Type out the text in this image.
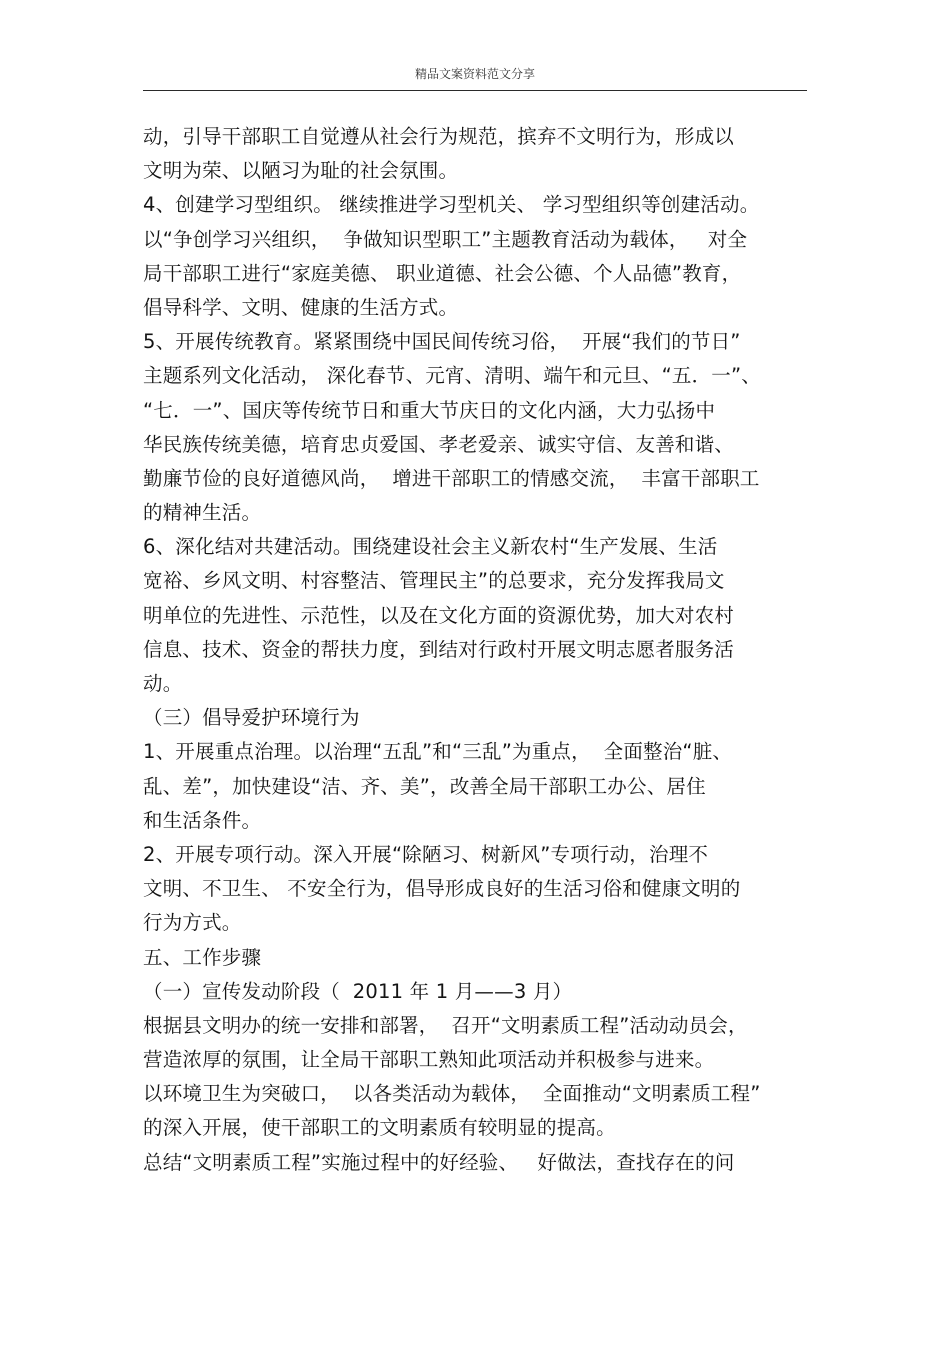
精品文案资料范文分享
动，引导干部职工自觉遵从社会行为规范，摈弃不文明行为，形成以
文明为荣、以陋习为耻的社会氛围。
4、创建学习型组织。 继续推进学习型机关、 学习型组织等创建活动。
以“争创学习兴组织，  争做知识型职工”主题教育活动为载体，   对全
局干部职工进行“家庭美德、 职业道德、社会公德、个人品德”教育，
倡导科学、文明、健康的生活方式。
5、开展传统教育。紧紧围绕中国民间传统习俗，  开展“我们的节日”
主题系列文化活动， 深化春节、元宵、清明、端午和元旦、“五．一”、
“七．一”、国庆等传统节日和重大节庆日的文化内涵，大力弘扬中
华民族传统美德，培育忠贞爱国、孝老爱亲、诚实守信、友善和谐、
勤廉节俭的良好道德风尚，  增进干部职工的情感交流，  丰富干部职工
的精神生活。
6、深化结对共建活动。围绕建设社会主义新农村“生产发展、生活
宽裕、乡风文明、村容整洁、管理民主”的总要求，充分发挥我局文
明单位的先进性、示范性，以及在文化方面的资源优势，加大对农村
信息、技术、资金的帮扶力度，到结对行政村开展文明志愿者服务活
动。
（三）倡导爱护环境行为
1、开展重点治理。以治理“五乱”和“三乱”为重点，  全面整治“脏、
乱、差”，加快建设“洁、齐、美”，改善全局干部职工办公、居住
和生活条件。
2、开展专项行动。深入开展“除陋习、树新风”专项行动，治理不
文明、不卫生、 不安全行为，倡导形成良好的生活习俗和健康文明的
行为方式。
五、工作步骤
（一）宣传发动阶段（  2011 年 1 月——3 月）
根据县文明办的统一安排和部署，  召开“文明素质工程”活动动员会，
营造浓厚的氛围，让全局干部职工熟知此项活动并积极参与进来。
以环境卫生为突破口，  以各类活动为载体，  全面推动“文明素质工程”
的深入开展，使干部职工的文明素质有较明显的提高。
总结“文明素质工程”实施过程中的好经验、   好做法，查找存在的问
